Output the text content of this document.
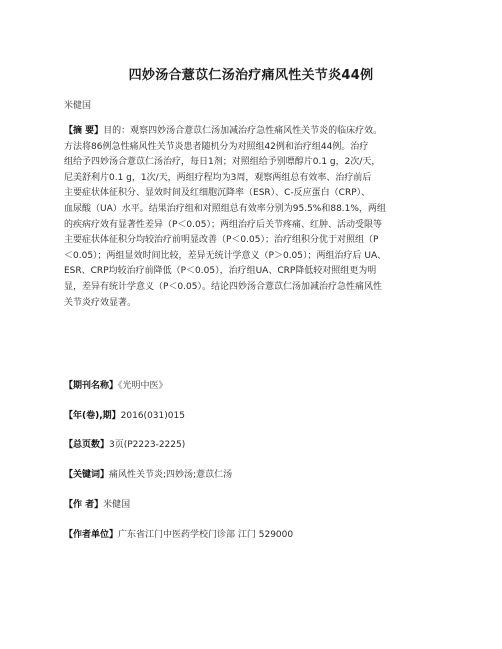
四妙汤合薏苡仁汤治疗痛风性关节炎44例
米健国
【摘 要】目的：观察四妙汤合薏苡仁汤加减治疗急性痛风性关节炎的临床疗效。
方法将86例急性痛风性关节炎患者随机分为对照组42例和治疗组44例。治疗
组给予四妙汤合薏苡仁汤治疗，每日1剂；对照组给予别嘌醇片0.1 g，2次/天，
尼美舒利片0.1 g，1次/天，两组疗程均为3周，观察两组总有效率、治疗前后
主要症状体征积分、显效时间及红细胞沉降率（ESR）、C-反应蛋白（CRP）、
血尿酸（UA）水平。结果治疗组和对照组总有效率分别为95.5%和88.1%，两组
的疾病疗效有显著性差异（P＜0.05）；两组治疗后关节疼痛、红肿、活动受限等
主要症状体征积分均较治疗前明显改善（P＜0.05）；治疗组积分优于对照组（P
＜0.05）；两组显效时间比较，差异无统计学意义（P＞0.05）；两组治疗后 UA、
ESR、CRP均较治疗前降低（P＜0.05），治疗组UA、CRP降低较对照组更为明
显，差异有统计学意义（P＜0.05）。结论四妙汤合薏苡仁汤加减治疗急性痛风性
关节炎疗效显著。
【期刊名称】《光明中医》
【年(卷),期】2016(031)015
【总页数】3页(P2223-2225)
【关键词】痛风性关节炎;四妙汤;薏苡仁汤
【作 者】米健国
【作者单位】广东省江门中医药学校门诊部 江门 529000
